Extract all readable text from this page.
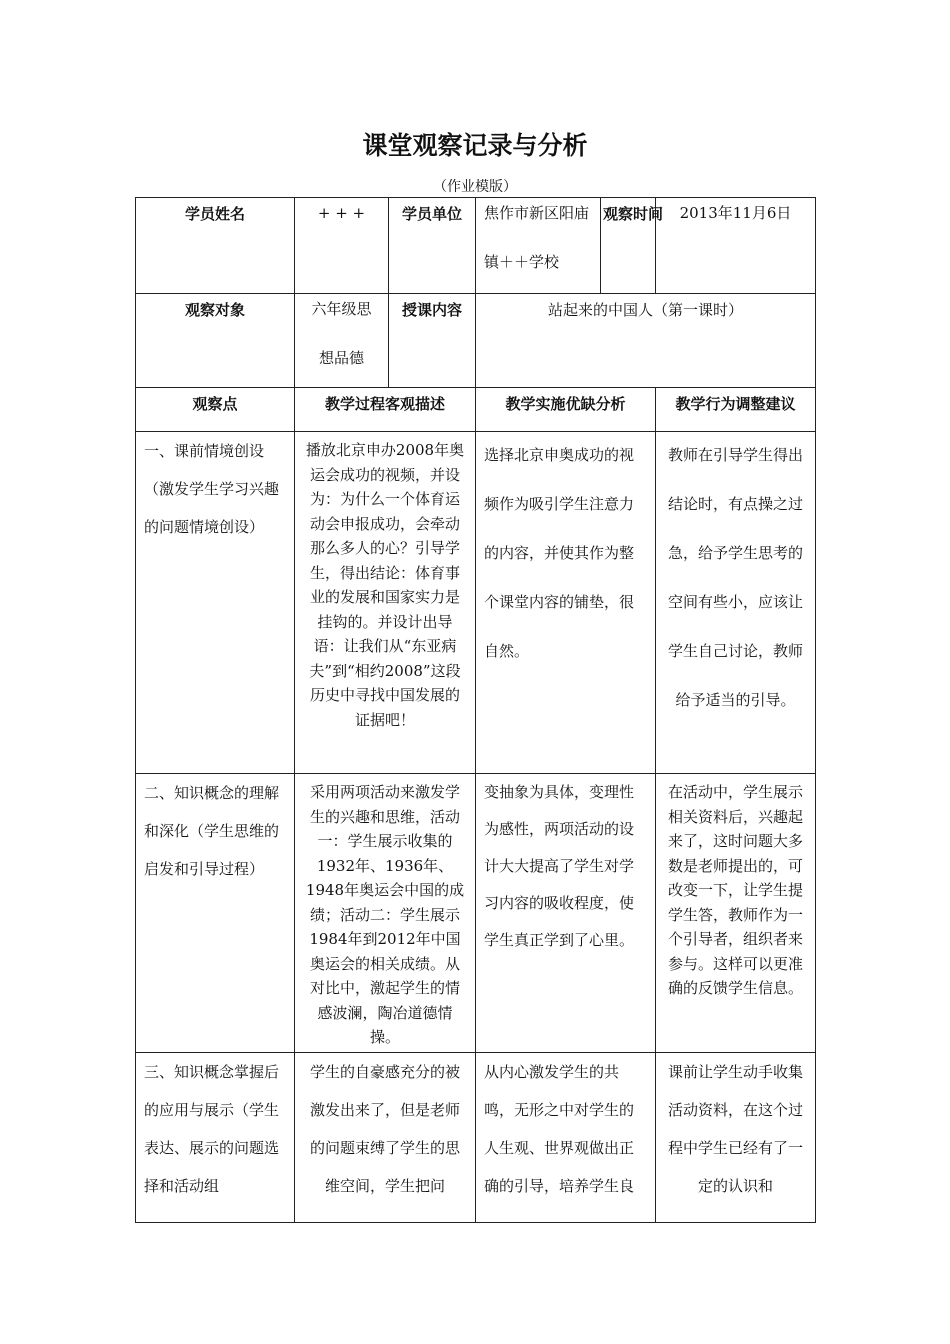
课堂观察记录与分析
（作业模版）
学员姓名	+ + +	学员单位	焦作市新区阳庙镇＋＋学校	观察时间	2013年11月6日

观察对象	六年级思想品德	授课内容	站起来的中国人（第一课时）		
观察点	教学过程客观描述		教学实施优缺分析		教学行为调整建议

一、课前情境创设（激发学生学习兴趣的问题情境创设）	播放北京申办2008年奥运会成功的视频，并设为：为什么一个体育运动会申报成功，会牵动那么多人的心？引导学生，得出结论：体育事业的发展和国家实力是挂钩的。并设计出导语：让我们从“东亚病夫”到“相约2008”这段历史中寻找中国发展的证据吧！		选择北京申奥成功的视频作为吸引学生注意力的内容，并使其作为整个课堂内容的铺垫，很自然。		教师在引导学生得出结论时，有点操之过急，给予学生思考的空间有些小，应该让学生自己讨论，教师给予适当的引导。

二、知识概念的理解和深化（学生思维的启发和引导过程）	采用两项活动来激发学生的兴趣和思维，活动一：学生展示收集的1932年、1936年、1948年奥运会中国的成绩；活动二：学生展示1984年到2012年中国奥运会的相关成绩。从对比中，激起学生的情感波澜，陶冶道德情操。		变抽象为具体，变理性为感性，两项活动的设计大大提高了学生对学习内容的吸收程度，使学生真正学到了心里。		在活动中，学生展示相关资料后，兴趣起来了，这时问题大多数是老师提出的，可改变一下，让学生提学生答，教师作为一个引导者，组织者来参与。这样可以更准确的反馈学生信息。

三、知识概念掌握后的应用与展示（学生表达、展示的问题选择和活动组	学生的自豪感充分的被激发出来了，但是老师的问题束缚了学生的思维空间，学生把问		从内心激发学生的共鸣，无形之中对学生的人生观、世界观做出正确的引导，培养学生良		课前让学生动手收集活动资料，在这个过程中学生已经有了一定的认识和
